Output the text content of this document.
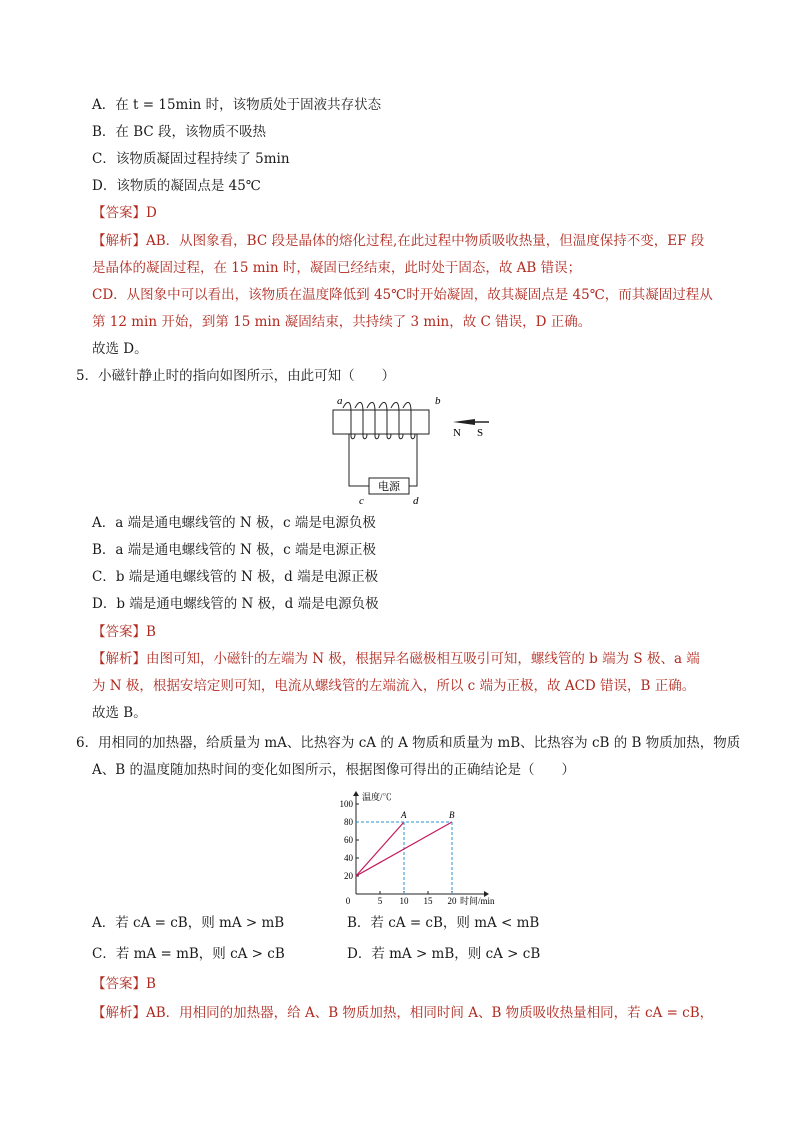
A．在 t = 15min 时，该物质处于固液共存状态
B．在 BC 段，该物质不吸热
C．该物质凝固过程持续了 5min
D．该物质的凝固点是 45℃
【答案】D
【解析】AB．从图象看，BC 段是晶体的熔化过程,在此过程中物质吸收热量，但温度保持不变，EF 段
是晶体的凝固过程，在 15 min 时，凝固已经结束，此时处于固态，故 AB 错误；
CD．从图象中可以看出，该物质在温度降低到 45℃时开始凝固，故其凝固点是 45℃，而其凝固过程从
第 12 min 开始，到第 15 min 凝固结束，共持续了 3 min，故 C 错误，D 正确。
故选 D。
5．小磁针静止时的指向如图所示，由此可知（　　）
电源
a	b
c	d
N S
A．a 端是通电螺线管的 N 极，c 端是电源负极
B．a 端是通电螺线管的 N 极，c 端是电源正极
C．b 端是通电螺线管的 N 极，d 端是电源正极
D．b 端是通电螺线管的 N 极，d 端是电源负极
【答案】B
【解析】由图可知，小磁针的左端为 N 极，根据异名磁极相互吸引可知，螺线管的 b 端为 S 极、a 端
为 N 极，根据安培定则可知，电流从螺线管的左端流入，所以 c 端为正极，故 ACD 错误，B 正确。
故选 B。
6．用相同的加热器，给质量为 mA、比热容为 cA 的 A 物质和质量为 mB、比热容为 cB 的 B 物质加热，物质
A、B 的温度随加热时间的变化如图所示，根据图像可得出的正确结论是（　　）
0	5 10 15 20
20
40
60
80
100
温度/℃
时间/min
A	B
A．若 cA = cB，则 mA > mB	B．若 cA = cB，则 mA < mB
C．若 mA = mB，则 cA > cB	D．若 mA > mB，则 cA > cB
【答案】B
【解析】AB．用相同的加热器，给 A、B 物质加热，相同时间 A、B 物质吸收热量相同，若 cA = cB，
